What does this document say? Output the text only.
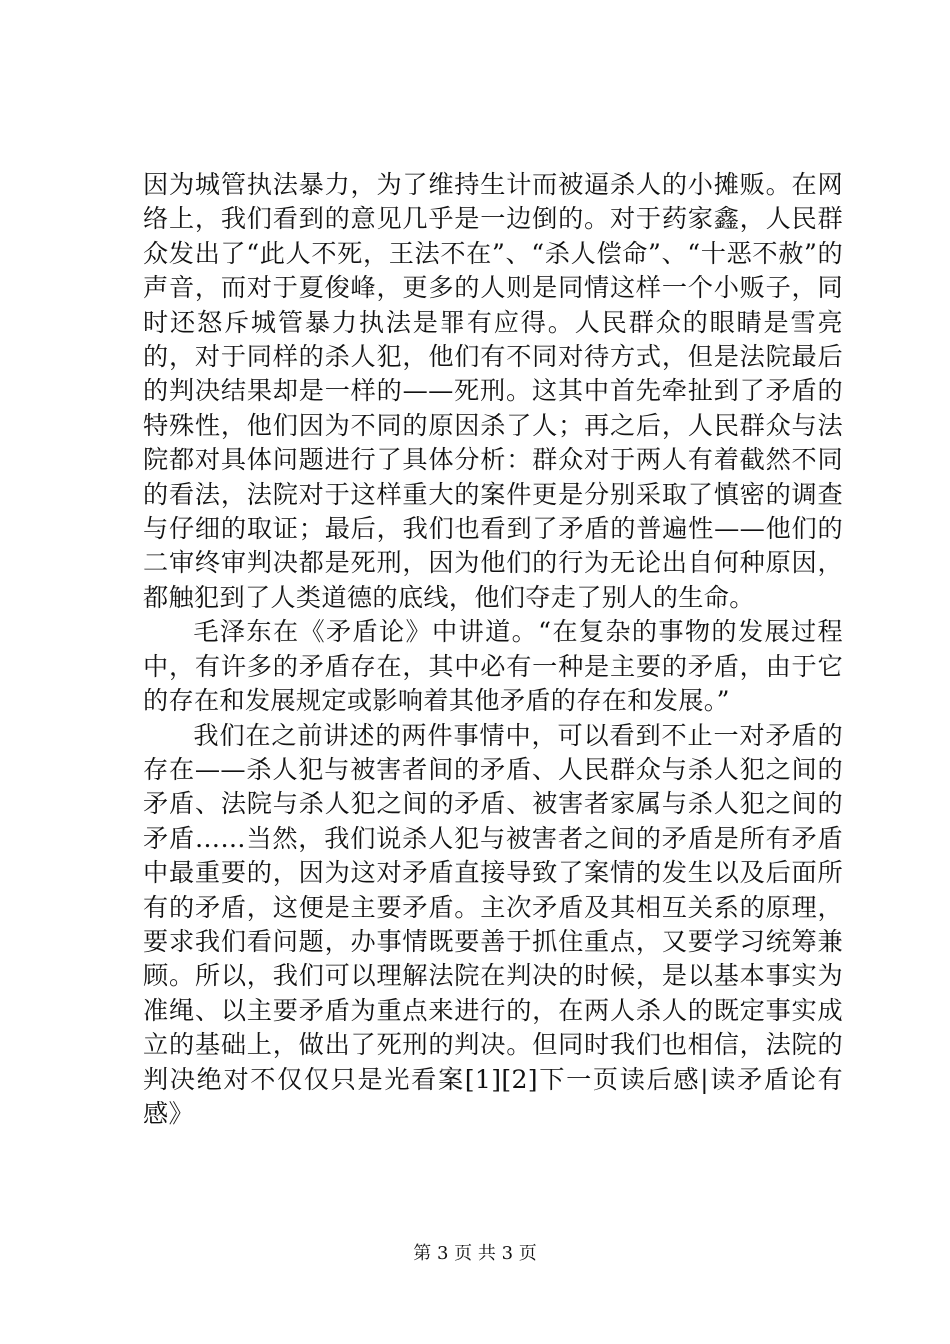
因为城管执法暴力，为了维持生计而被逼杀人的小摊贩。在网络上，我们看到的意见几乎是一边倒的。对于药家鑫，人民群众发出了“此人不死，王法不在”、“杀人偿命”、“十恶不赦”的声音，而对于夏俊峰，更多的人则是同情这样一个小贩子，同时还怒斥城管暴力执法是罪有应得。人民群众的眼睛是雪亮的，对于同样的杀人犯，他们有不同对待方式，但是法院最后的判决结果却是一样的——死刑。这其中首先牵扯到了矛盾的特殊性，他们因为不同的原因杀了人；再之后，人民群众与法院都对具体问题进行了具体分析：群众对于两人有着截然不同的看法，法院对于这样重大的案件更是分别采取了慎密的调查与仔细的取证；最后，我们也看到了矛盾的普遍性——他们的二审终审判决都是死刑，因为他们的行为无论出自何种原因，都触犯到了人类道德的底线，他们夺走了别人的生命。

毛泽东在《矛盾论》中讲道。“在复杂的事物的发展过程中，有许多的矛盾存在，其中必有一种是主要的矛盾，由于它的存在和发展规定或影响着其他矛盾的存在和发展。”

我们在之前讲述的两件事情中，可以看到不止一对矛盾的存在——杀人犯与被害者间的矛盾、人民群众与杀人犯之间的矛盾、法院与杀人犯之间的矛盾、被害者家属与杀人犯之间的矛盾……当然，我们说杀人犯与被害者之间的矛盾是所有矛盾中最重要的，因为这对矛盾直接导致了案情的发生以及后面所有的矛盾，这便是主要矛盾。主次矛盾及其相互关系的原理，要求我们看问题，办事情既要善于抓住重点，又要学习统筹兼顾。所以，我们可以理解法院在判决的时候，是以基本事实为准绳、以主要矛盾为重点来进行的，在两人杀人的既定事实成立的基础上，做出了死刑的判决。但同时我们也相信，法院的判决绝对不仅仅只是光看案[1][2]下一页读后感|读矛盾论有感》

第 3 页 共 3 页
